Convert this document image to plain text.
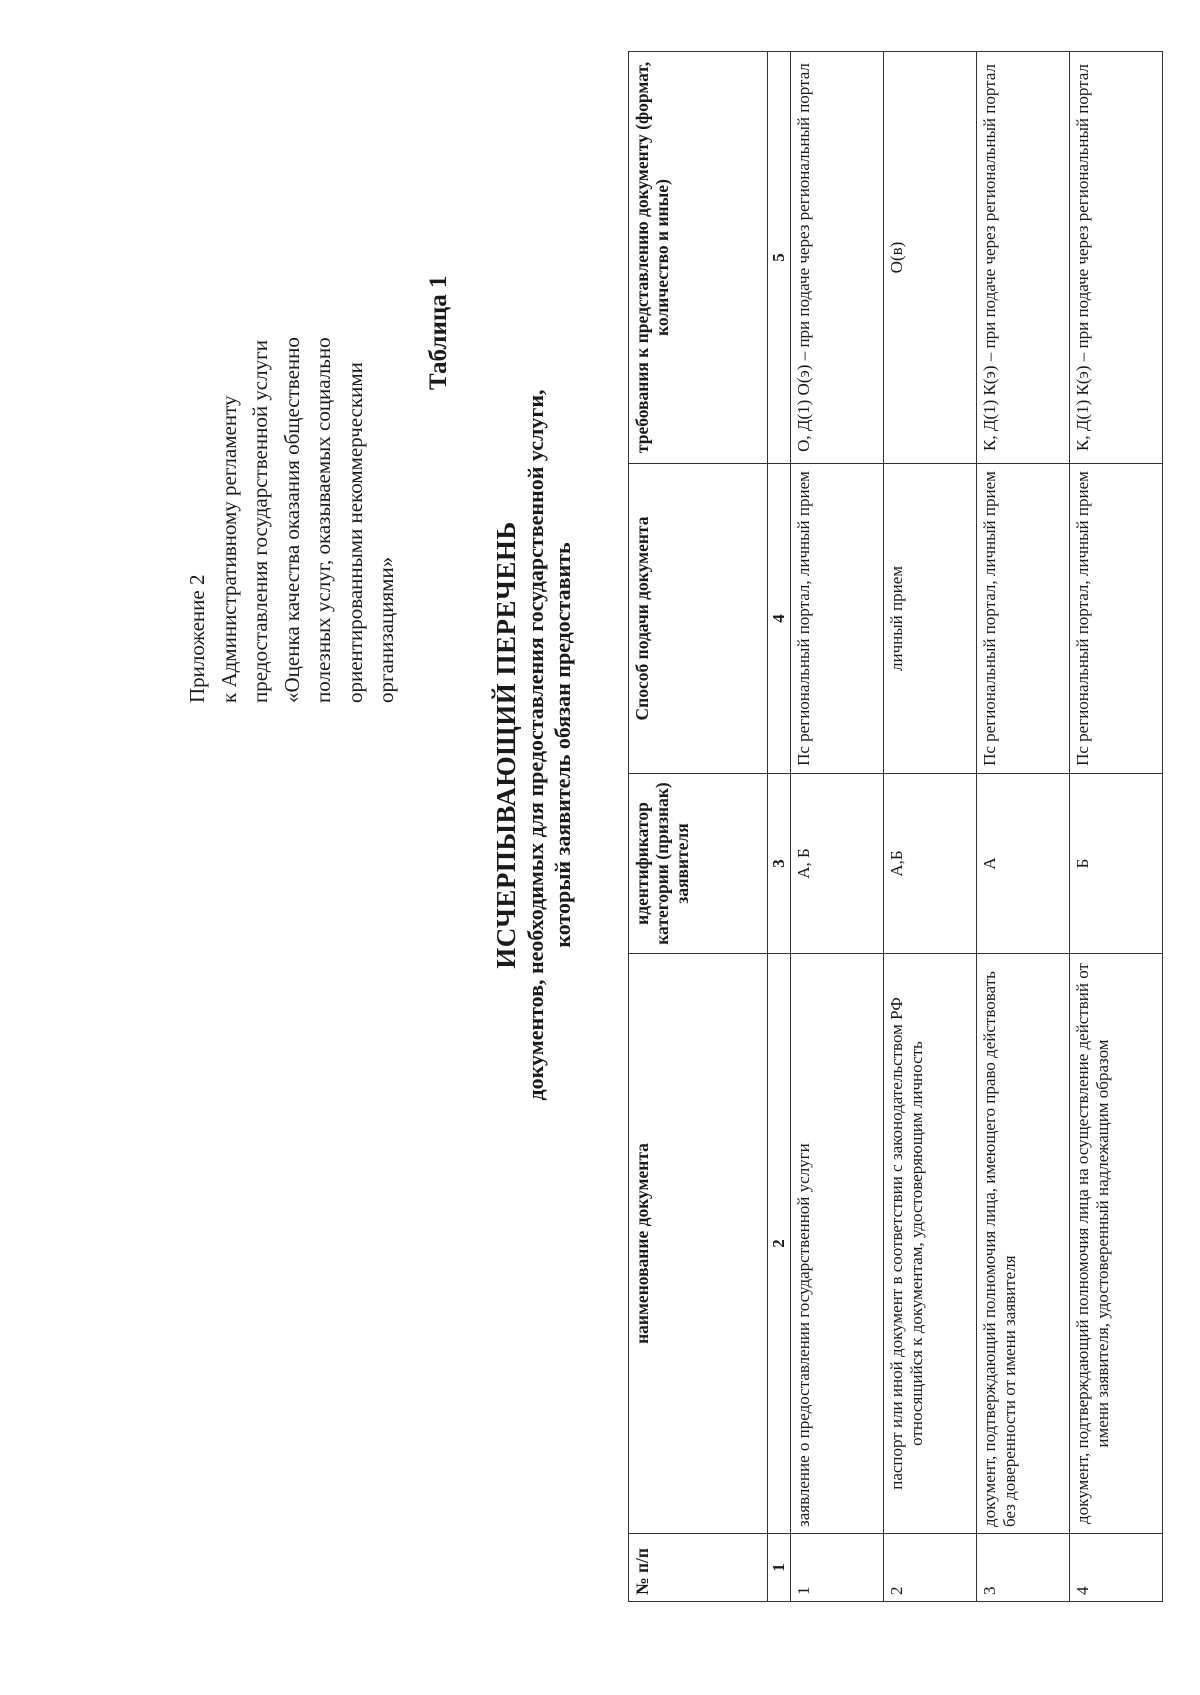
Приложение 2 к Административному регламенту предоставления государственной услуги «Оценка качества оказания общественно полезных услуг, оказываемых социально ориентированными некоммерческими организациями»
Таблица 1
ИСЧЕРПЫВАЮЩИЙ ПЕРЕЧЕНЬ документов, необходимых для предоставления государственной услуги, который заявитель обязан предоставить
№ п/п	наименование документа	идентификатор категории (признак) заявителя	Способ подачи документа	требования к представлению документу (формат, количество и иные)
1	2	3	4	5
1	заявление о предоставлении государственной услуги	А, Б	Пс региональный портал, личный прием	О, Д(1) О(э) – при подаче через региональный портал
2	паспорт или иной документ в соответствии с законодательством РФ относящийся к документам, удостоверяющим личность	А,Б	личный прием	О(в)
3	документ, подтверждающий полномочия лица, имеющего право действовать без доверенности от имени заявителя	А	Пс региональный портал, личный прием	К, Д(1) К(э) – при подаче через региональный портал
4	документ, подтверждающий полномочия лица на осуществление действий от имени заявителя, удостоверенный надлежащим образом	Б	Пс региональный портал, личный прием	К, Д(1) К(э) – при подаче через региональный портал
